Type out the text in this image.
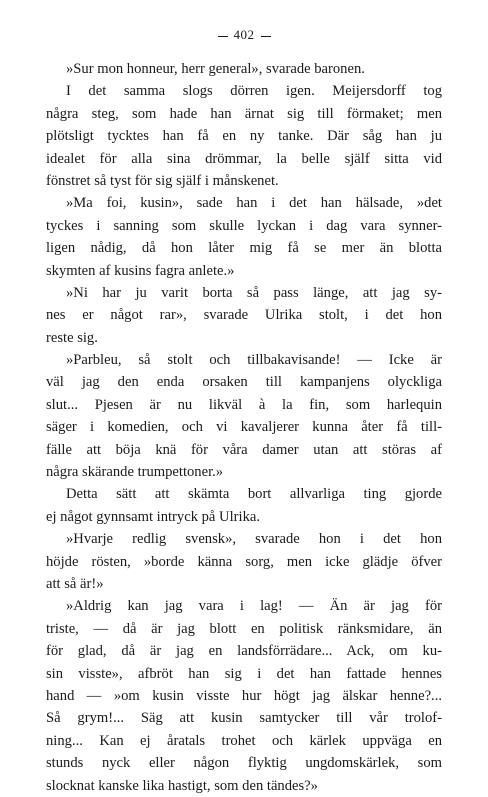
402
»Sur mon honneur, herr general», svarade baronen.
I det samma slogs dörren igen. Meijersdorff tog
några steg, som hade han ärnat sig till förmaket; men
plötsligt tycktes han få en ny tanke. Där såg han ju
idealet för alla sina drömmar, la belle själf sitta vid
fönstret så tyst för sig själf i månskenet.
»Ma foi, kusin», sade han i det han hälsade, »det
tyckes i sanning som skulle lyckan i dag vara synner-
ligen nådig, då hon låter mig få se mer än blotta
skymten af kusins fagra anlete.»
»Ni har ju varit borta så pass länge, att jag sy-
nes er något rar», svarade Ulrika stolt, i det hon
reste sig.
»Parbleu, så stolt och tillbakavisande! — Icke är
väl jag den enda orsaken till kampanjens olyckliga
slut... Pjesen är nu likväl à la fin, som harlequin
säger i komedien, och vi kavaljerer kunna åter få till-
fälle att böja knä för våra damer utan att störas af
några skärande trumpettoner.»
Detta sätt att skämta bort allvarliga ting gjorde
ej något gynnsamt intryck på Ulrika.
»Hvarje redlig svensk», svarade hon i det hon
höjde rösten, »borde känna sorg, men icke glädje öfver
att så är!»
»Aldrig kan jag vara i lag! — Än är jag för
triste, — då är jag blott en politisk ränksmidare, än
för glad, då är jag en landsförrädare... Ack, om ku-
sin visste», afbröt han sig i det han fattade hennes
hand — »om kusin visste hur högt jag älskar henne?...
Så grym!... Säg att kusin samtycker till vår trolof-
ning... Kan ej åratals trohet och kärlek uppväga en
stunds nyck eller någon flyktig ungdomskärlek, som
slocknat kanske lika hastigt, som den tändes?»
